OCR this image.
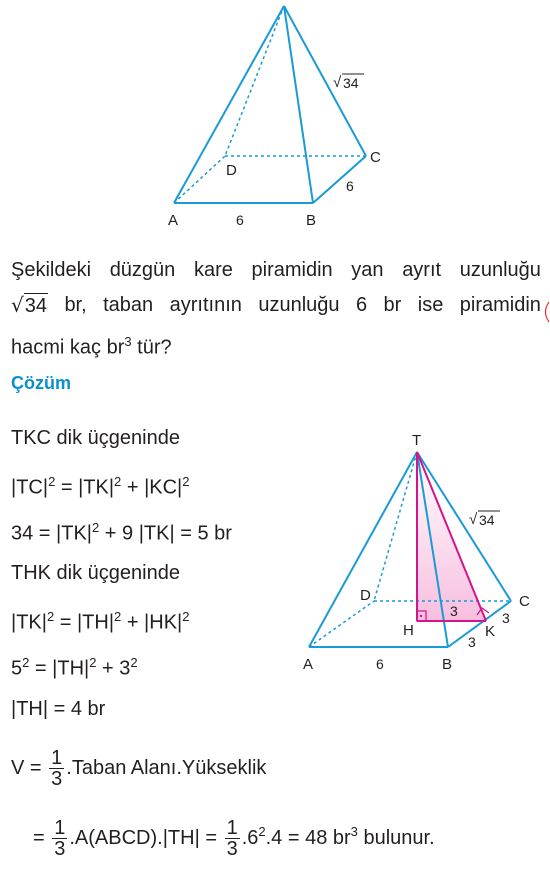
A	B
C
D
6
6
√ 34
Şekildeki düzgün kare piramidin yan ayrıt uzunluğu
√34 br, taban ayrıtının uzunluğu 6 br ise piramidin
hacmi kaç $br^3$ tür?
Çözüm
TKC dik üçgeninde
$|TC|^2 = |TK|^2 + |KC|^2$
$34 = |TK|^2 + 9$ |TK| = 5 br
THK dik üçgeninde
$|TK|^2 = |TH|^2 + |HK|^2$
$5^2 = |TH|^2 + 3^2$
|TH| = 4 br
$V = \frac{1}{3}$ .Taban Alanı.Yükseklik
= $\frac{1}{3}$ .A(ABCD).|TH| = $\frac{1}{3} .6^2.4 = 48$ $br^3$ bulunur.
T
A	B
C
D
H	K
6
3	3
3
√ 34
